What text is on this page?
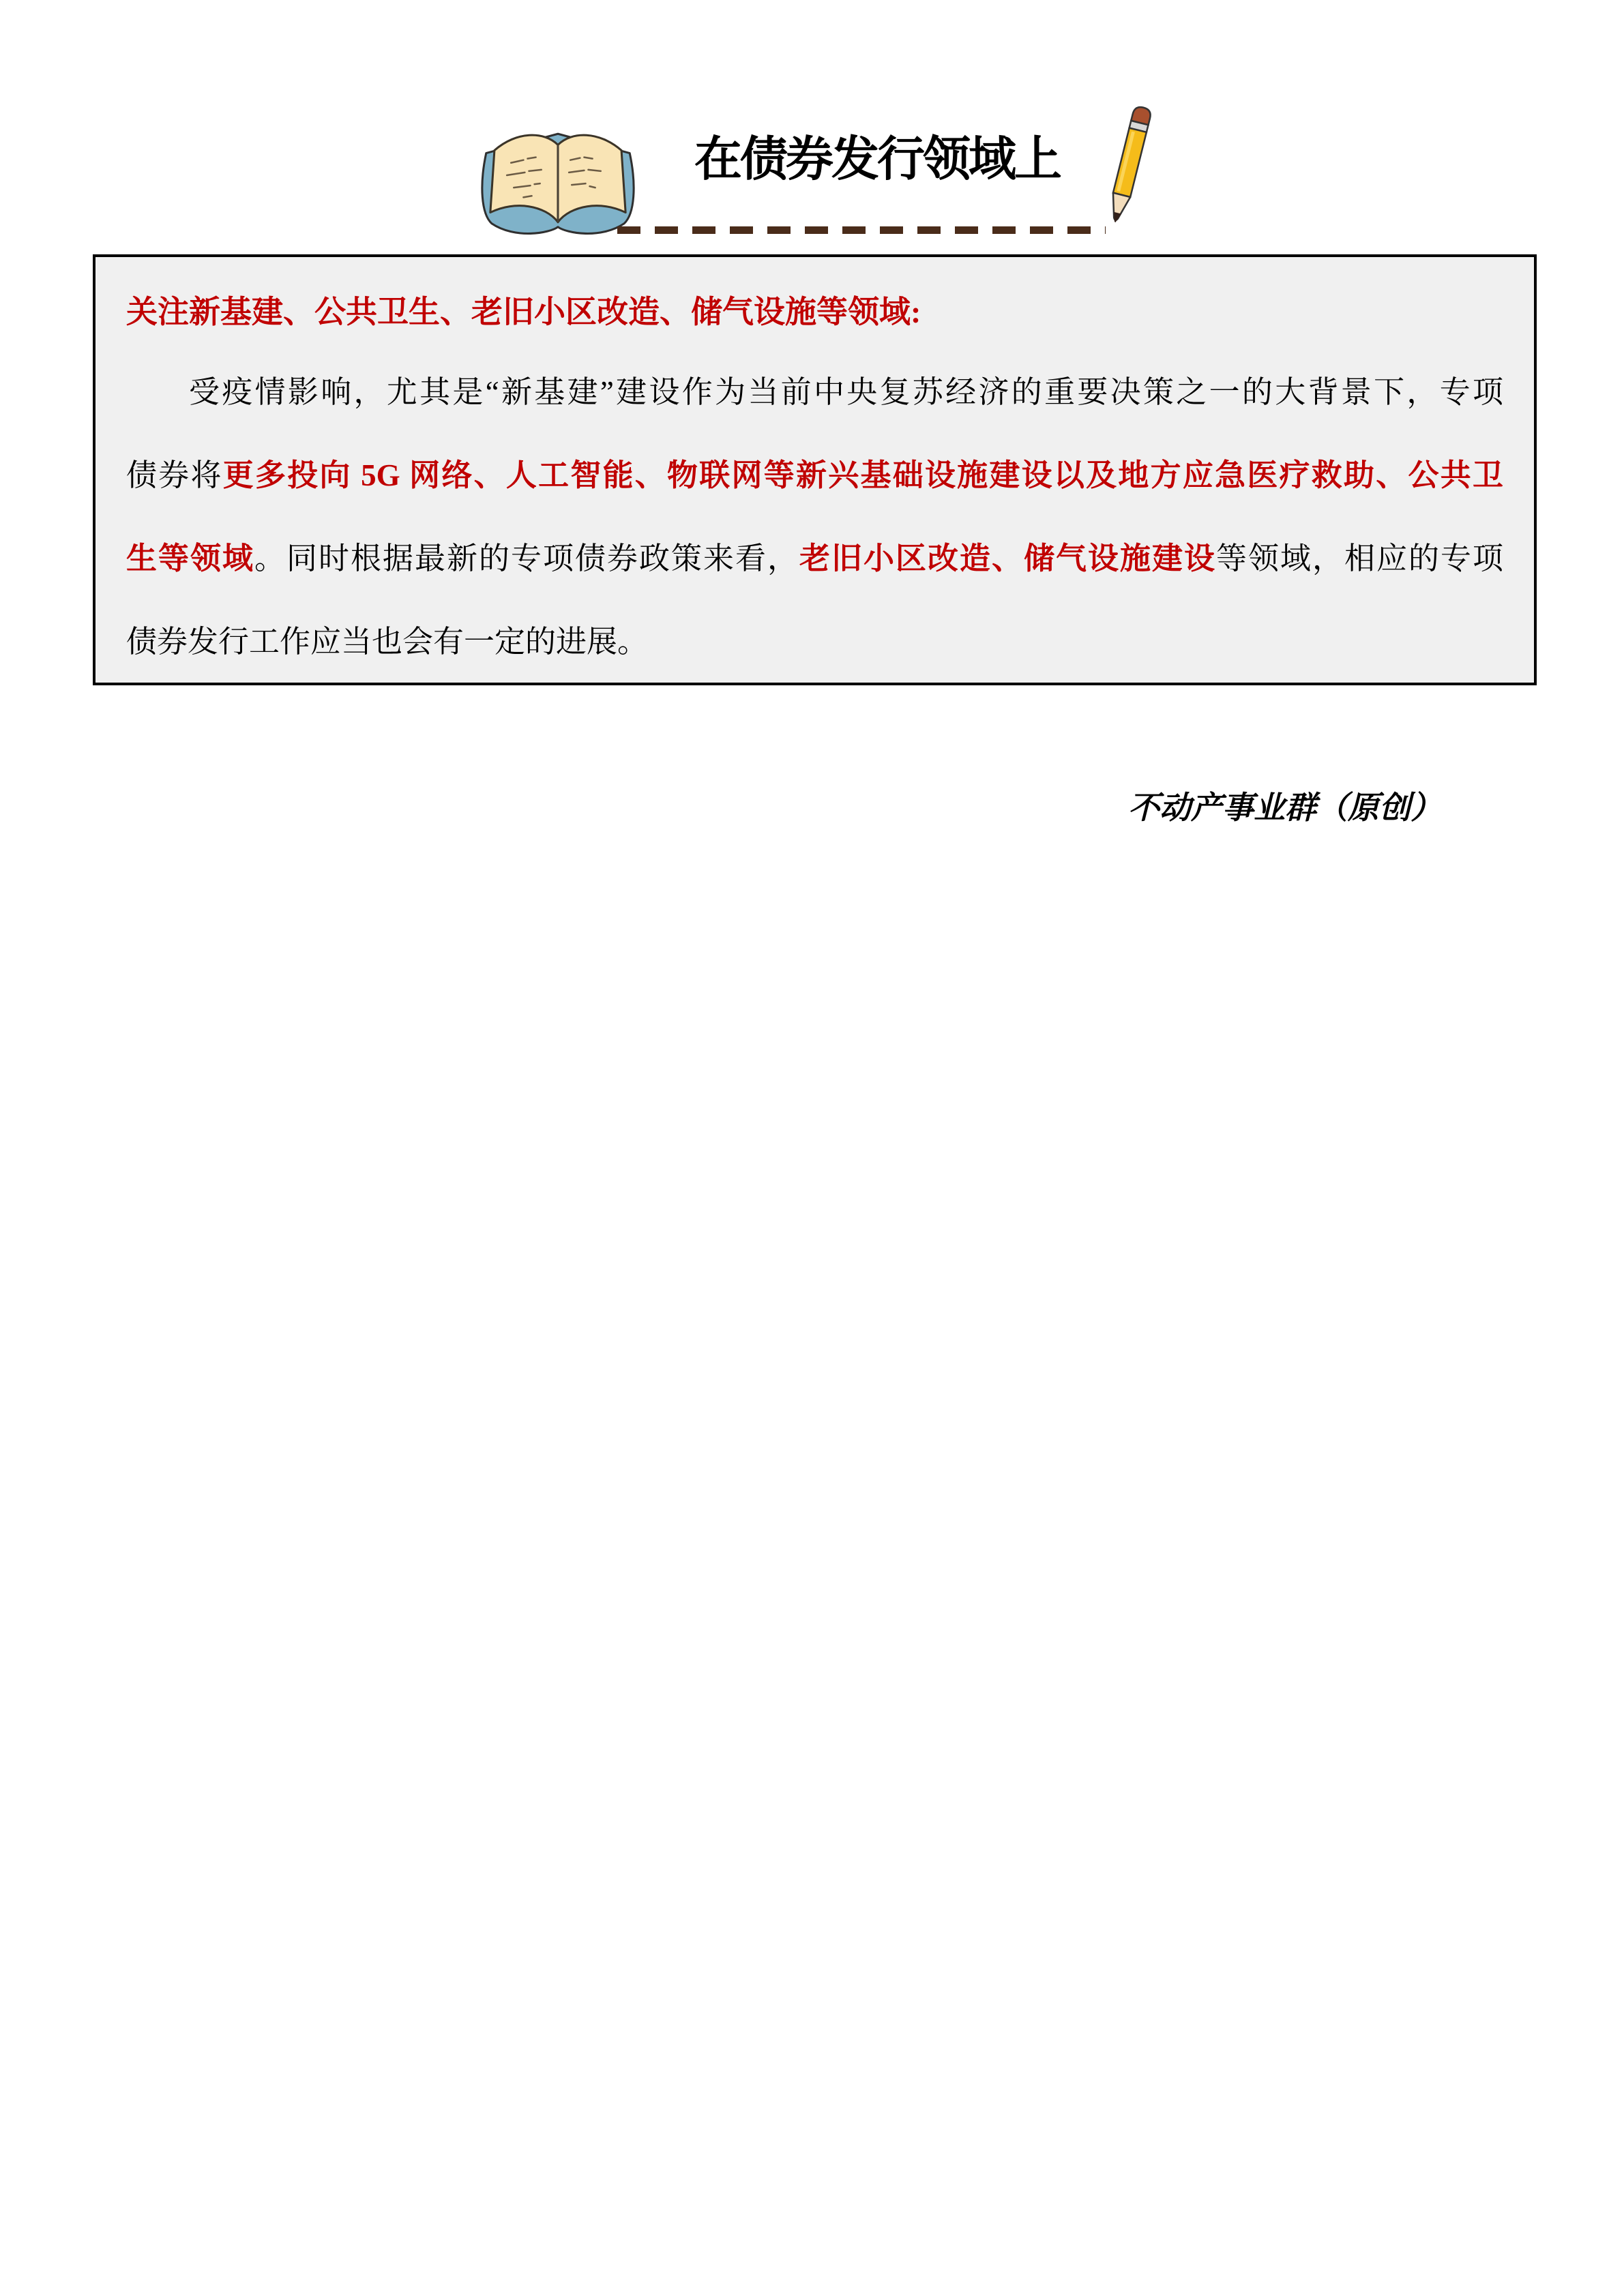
在债券发行领域上
关注新基建、公共卫生、老旧小区改造、储气设施等领域:
受疫情影响，尤其是“新基建”建设作为当前中央复苏经济的重要决策之一的大背景下，专项
债券将更多投向 5G 网络、人工智能、物联网等新兴基础设施建设以及地方应急医疗救助、公共卫
生等领域。同时根据最新的专项债券政策来看，老旧小区改造、储气设施建设等领域，相应的专项
债券发行工作应当也会有一定的进展。
不动产事业群（原创）
